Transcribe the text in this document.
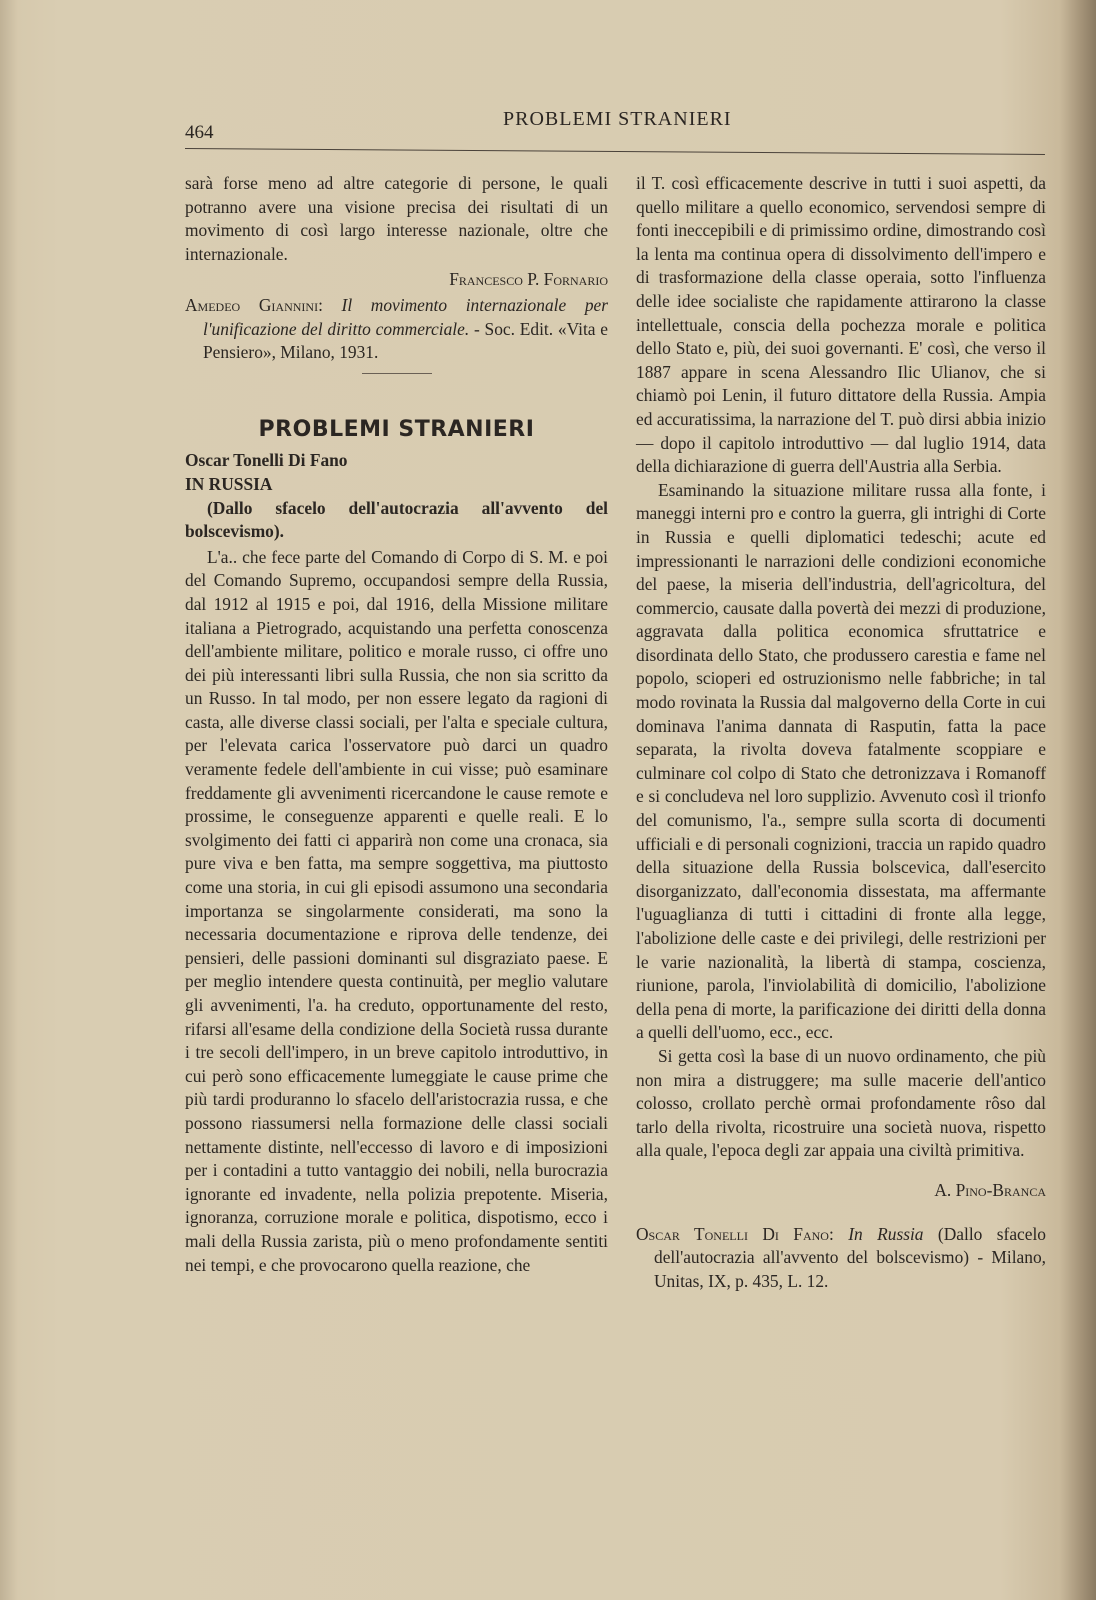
464
PROBLEMI STRANIERI

sarà forse meno ad altre categorie di persone, le quali potranno avere una visione precisa dei risultati di un movimento di così largo interesse nazionale, oltre che internazionale.

Francesco P. Fornario

Amedeo Giannini: Il movimento internazionale per l'unificazione del diritto commerciale. - Soc. Edit. «Vita e Pensiero», Milano, 1931.

PROBLEMI STRANIERI

Oscar Tonelli Di Fano

IN RUSSIA

(Dallo sfacelo dell'autocrazia all'avvento del bolscevismo).

L'a.. che fece parte del Comando di Corpo di S. M. e poi del Comando Supremo, occupandosi sempre della Russia, dal 1912 al 1915 e poi, dal 1916, della Missione militare italiana a Pietrogrado, acquistando una perfetta conoscenza dell'ambiente militare, politico e morale russo, ci offre uno dei più interessanti libri sulla Russia, che non sia scritto da un Russo. In tal modo, per non essere legato da ragioni di casta, alle diverse classi sociali, per l'alta e speciale cultura, per l'elevata carica l'osservatore può darci un quadro veramente fedele dell'ambiente in cui visse; può esaminare freddamente gli avvenimenti ricercandone le cause remote e prossime, le conseguenze apparenti e quelle reali. E lo svolgimento dei fatti ci apparirà non come una cronaca, sia pure viva e ben fatta, ma sempre soggettiva, ma piuttosto come una storia, in cui gli episodi assumono una secondaria importanza se singolarmente considerati, ma sono la necessaria documentazione e riprova delle tendenze, dei pensieri, delle passioni dominanti sul disgraziato paese. E per meglio intendere questa continuità, per meglio valutare gli avvenimenti, l'a. ha creduto, opportunamente del resto, rifarsi all'esame della condizione della Società russa durante i tre secoli dell'impero, in un breve capitolo introduttivo, in cui però sono efficacemente lumeggiate le cause prime che più tardi produranno lo sfacelo dell'aristocrazia russa, e che possono riassumersi nella formazione delle classi sociali nettamente distinte, nell'eccesso di lavoro e di imposizioni per i contadini a tutto vantaggio dei nobili, nella burocrazia ignorante ed invadente, nella polizia prepotente. Miseria, ignoranza, corruzione morale e politica, dispotismo, ecco i mali della Russia zarista, più o meno profondamente sentiti nei tempi, e che provocarono quella reazione, che

il T. così efficacemente descrive in tutti i suoi aspetti, da quello militare a quello economico, servendosi sempre di fonti ineccepibili e di primissimo ordine, dimostrando così la lenta ma continua opera di dissolvimento dell'impero e di trasformazione della classe operaia, sotto l'influenza delle idee socialiste che rapidamente attirarono la classe intellettuale, conscia della pochezza morale e politica dello Stato e, più, dei suoi governanti. E' così, che verso il 1887 appare in scena Alessandro Ilic Ulianov, che si chiamò poi Lenin, il futuro dittatore della Russia. Ampia ed accuratissima, la narrazione del T. può dirsi abbia inizio — dopo il capitolo introduttivo — dal luglio 1914, data della dichiarazione di guerra dell'Austria alla Serbia.

Esaminando la situazione militare russa alla fonte, i maneggi interni pro e contro la guerra, gli intrighi di Corte in Russia e quelli diplomatici tedeschi; acute ed impressionanti le narrazioni delle condizioni economiche del paese, la miseria dell'industria, dell'agricoltura, del commercio, causate dalla povertà dei mezzi di produzione, aggravata dalla politica economica sfruttatrice e disordinata dello Stato, che produssero carestia e fame nel popolo, scioperi ed ostruzionismo nelle fabbriche; in tal modo rovinata la Russia dal malgoverno della Corte in cui dominava l'anima dannata di Rasputin, fatta la pace separata, la rivolta doveva fatalmente scoppiare e culminare col colpo di Stato che detronizzava i Romanoff e si concludeva nel loro supplizio. Avvenuto così il trionfo del comunismo, l'a., sempre sulla scorta di documenti ufficiali e di personali cognizioni, traccia un rapido quadro della situazione della Russia bolscevica, dall'esercito disorganizzato, dall'economia dissestata, ma affermante l'uguaglianza di tutti i cittadini di fronte alla legge, l'abolizione delle caste e dei privilegi, delle restrizioni per le varie nazionalità, la libertà di stampa, coscienza, riunione, parola, l'inviolabilità di domicilio, l'abolizione della pena di morte, la parificazione dei diritti della donna a quelli dell'uomo, ecc., ecc.

Si getta così la base di un nuovo ordinamento, che più non mira a distruggere; ma sulle macerie dell'antico colosso, crollato perchè ormai profondamente rôso dal tarlo della rivolta, ricostruire una società nuova, rispetto alla quale, l'epoca degli zar appaia una civiltà primitiva.

A. Pino-Branca

Oscar Tonelli Di Fano: In Russia (Dallo sfacelo dell'autocrazia all'avvento del bolscevismo) - Milano, Unitas, IX, p. 435, L. 12.
